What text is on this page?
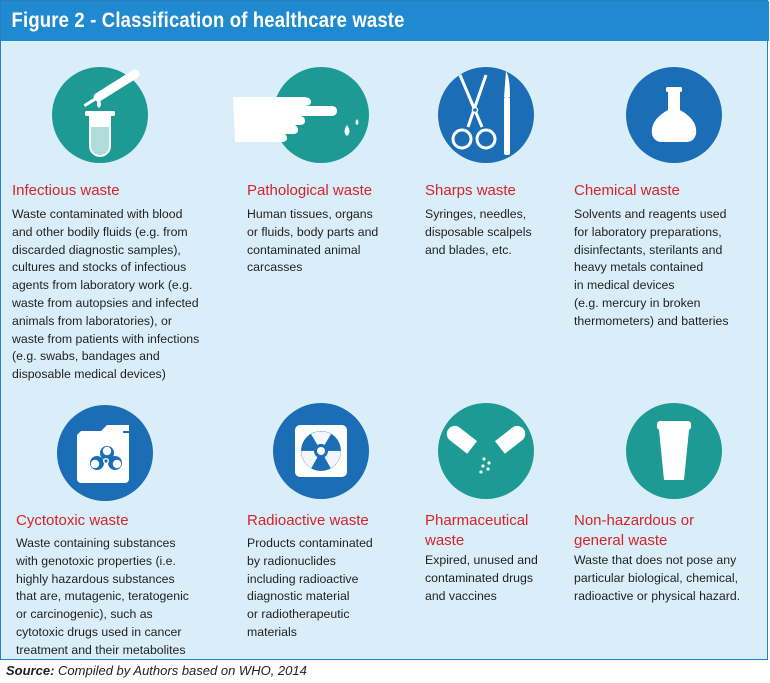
Figure 2 - Classification of healthcare waste
Infectious waste
Waste contaminated with blood
and other bodily fluids (e.g. from
discarded diagnostic samples),
cultures and stocks of infectious
agents from laboratory work (e.g.
waste from autopsies and infected
animals from laboratories), or
waste from patients with infections
(e.g. swabs, bandages and
disposable medical devices)
Pathological waste
Human tissues, organs
or fluids, body parts and
contaminated animal
carcasses
Sharps waste
Syringes, needles,
disposable scalpels
and blades, etc.
Chemical waste
Solvents and reagents used
for laboratory preparations,
disinfectants, sterilants and
heavy metals contained
in medical devices
(e.g. mercury in broken
thermometers) and batteries
Cyctotoxic waste
Waste containing substances
with genotoxic properties (i.e.
highly hazardous substances
that are, mutagenic, teratogenic
or carcinogenic), such as
cytotoxic drugs used in cancer
treatment and their metabolites
Radioactive waste
Products contaminated
by radionuclides
including radioactive
diagnostic material
or radiotherapeutic
materials
Pharmaceutical
waste
Expired, unused and
contaminated drugs
and vaccines
Non-hazardous or
general waste
Waste that does not pose any
particular biological, chemical,
radioactive or physical hazard.
Source: Compiled by Authors based on WHO, 2014
